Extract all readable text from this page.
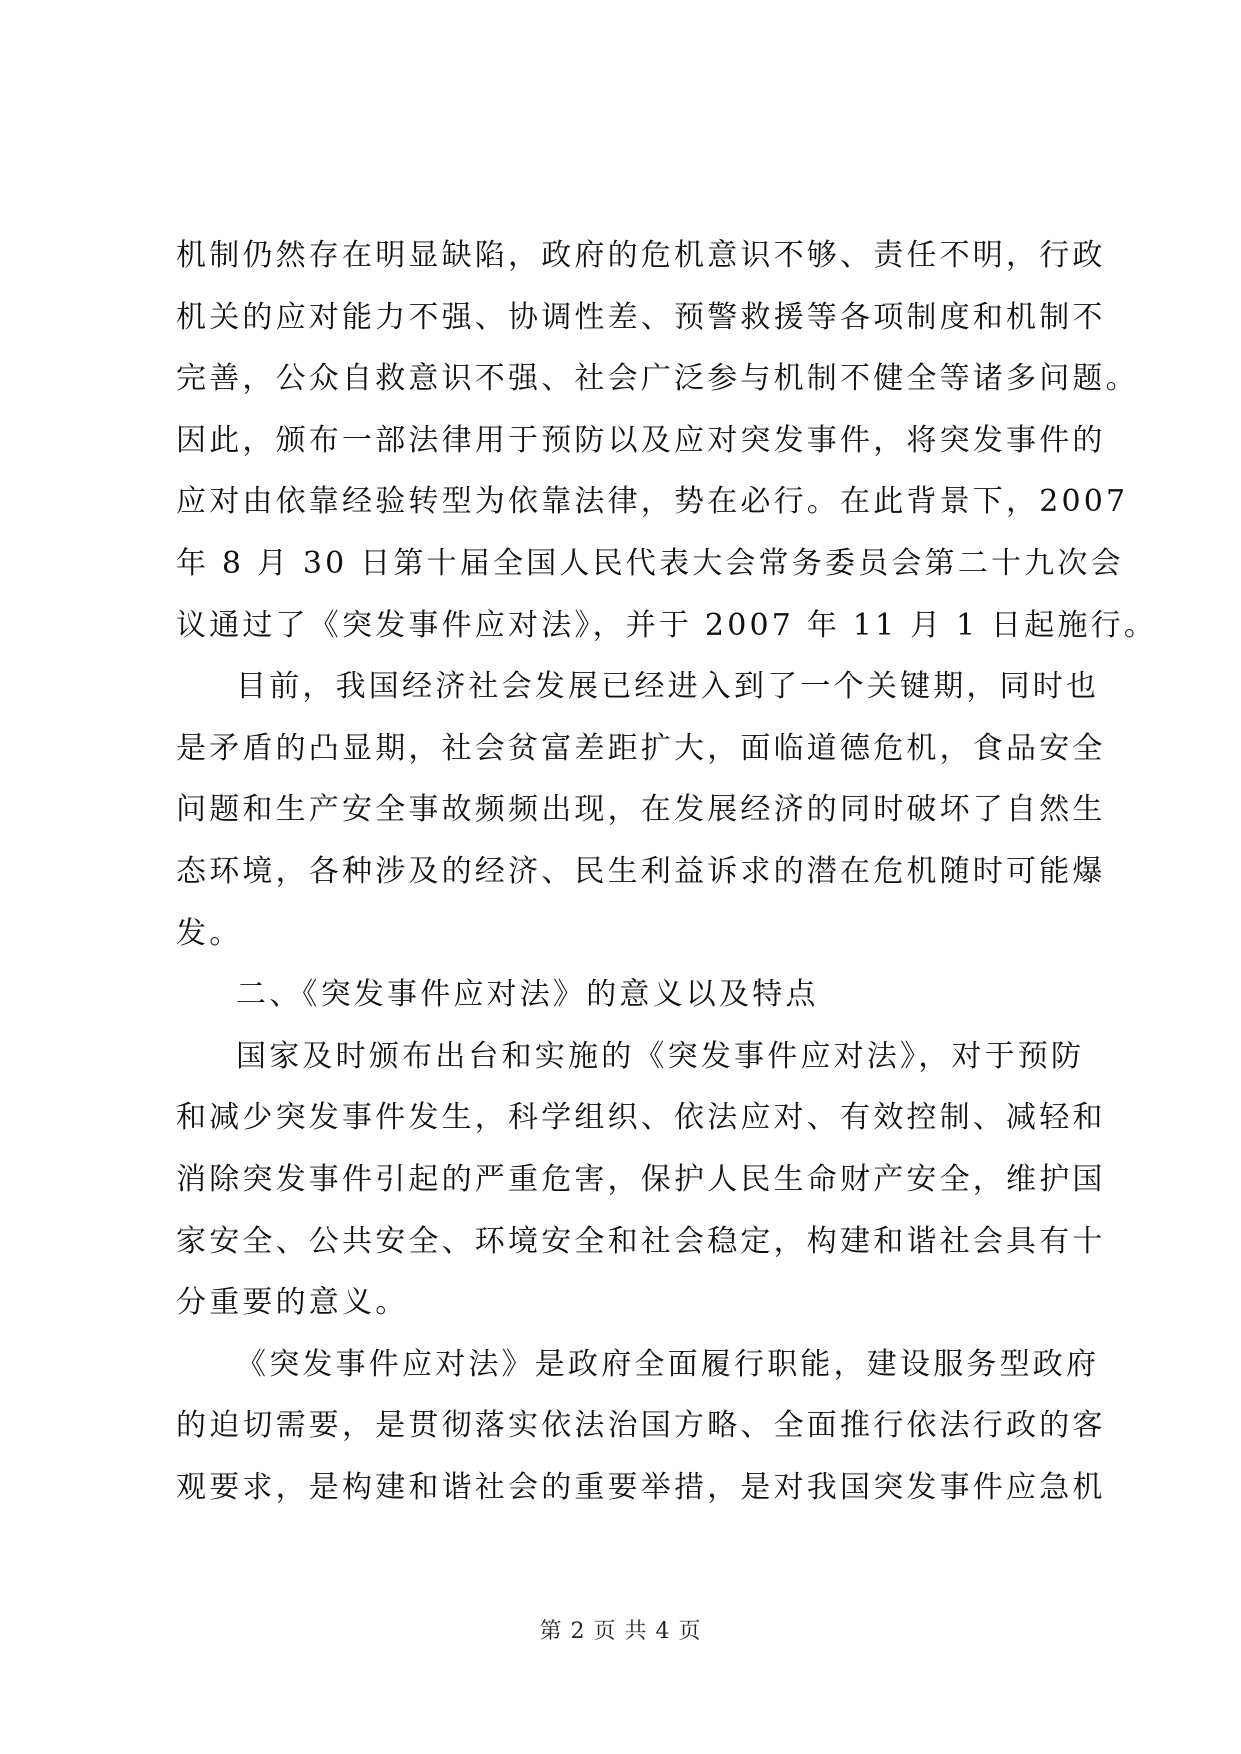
机制仍然存在明显缺陷，政府的危机意识不够、责任不明，行政
机关的应对能力不强、协调性差、预警救援等各项制度和机制不
完善，公众自救意识不强、社会广泛参与机制不健全等诸多问题。
因此，颁布一部法律用于预防以及应对突发事件，将突发事件的
应对由依靠经验转型为依靠法律，势在必行。在此背景下，2007
年 8 月 30 日第十届全国人民代表大会常务委员会第二十九次会
议通过了《突发事件应对法》，并于 2007 年 11 月 1 日起施行。

目前，我国经济社会发展已经进入到了一个关键期，同时也
是矛盾的凸显期，社会贫富差距扩大，面临道德危机，食品安全
问题和生产安全事故频频出现，在发展经济的同时破坏了自然生
态环境，各种涉及的经济、民生利益诉求的潜在危机随时可能爆
发。

二、《突发事件应对法》的意义以及特点

国家及时颁布出台和实施的《突发事件应对法》，对于预防
和减少突发事件发生，科学组织、依法应对、有效控制、减轻和
消除突发事件引起的严重危害，保护人民生命财产安全，维护国
家安全、公共安全、环境安全和社会稳定，构建和谐社会具有十
分重要的意义。

《突发事件应对法》是政府全面履行职能，建设服务型政府
的迫切需要，是贯彻落实依法治国方略、全面推行依法行政的客
观要求，是构建和谐社会的重要举措，是对我国突发事件应急机

第 2 页 共 4 页
